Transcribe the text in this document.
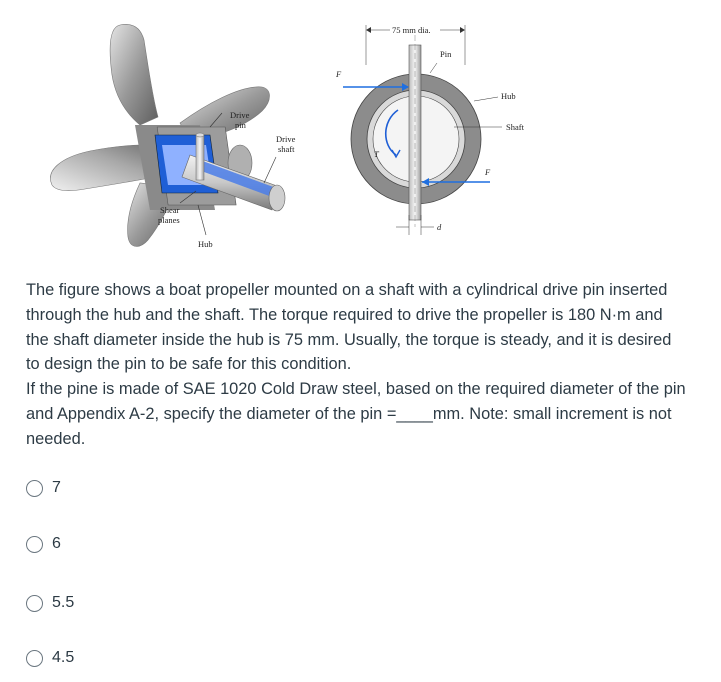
Drive
pin
Drive
shaft
Shear
planes
Hub
75 mm dia.
Pin
Hub
Shaft
F
F
T
d

The figure shows a boat propeller mounted on a shaft with a cylindrical drive pin inserted through the hub and the shaft. The torque required to drive the propeller is 180 N·m and the shaft diameter inside the hub is 75 mm. Usually, the torque is steady, and it is desired to design the pin to be safe for this condition.

If the pine is made of SAE 1020 Cold Draw steel, based on the required diameter of the pin and Appendix A-2, specify the diameter of the pin =____mm. Note: small increment is not needed.

7
6
5.5
4.5
